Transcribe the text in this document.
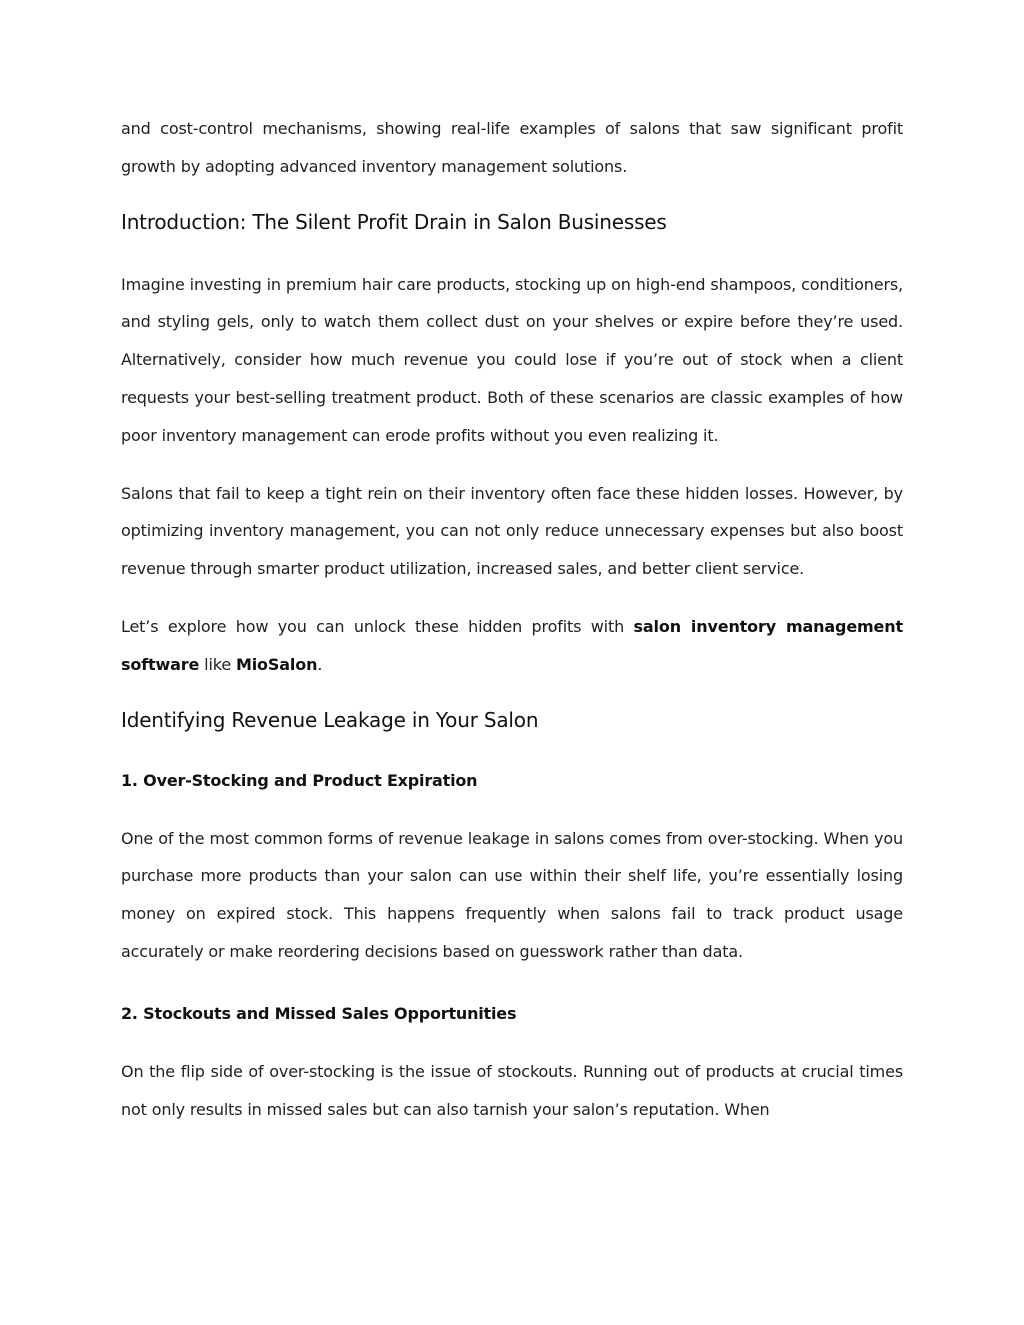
and cost-control mechanisms, showing real-life examples of salons that saw significant profit growth by adopting advanced inventory management solutions.

Introduction: The Silent Profit Drain in Salon Businesses

Imagine investing in premium hair care products, stocking up on high-end shampoos, conditioners, and styling gels, only to watch them collect dust on your shelves or expire before they’re used. Alternatively, consider how much revenue you could lose if you’re out of stock when a client requests your best-selling treatment product. Both of these scenarios are classic examples of how poor inventory management can erode profits without you even realizing it.

Salons that fail to keep a tight rein on their inventory often face these hidden losses. However, by optimizing inventory management, you can not only reduce unnecessary expenses but also boost revenue through smarter product utilization, increased sales, and better client service.

Let’s explore how you can unlock these hidden profits with salon inventory management software like MioSalon.

Identifying Revenue Leakage in Your Salon
1. Over-Stocking and Product Expiration

One of the most common forms of revenue leakage in salons comes from over-stocking. When you purchase more products than your salon can use within their shelf life, you’re essentially losing money on expired stock. This happens frequently when salons fail to track product usage accurately or make reordering decisions based on guesswork rather than data.

2. Stockouts and Missed Sales Opportunities

On the flip side of over-stocking is the issue of stockouts. Running out of products at crucial times not only results in missed sales but can also tarnish your salon’s reputation. When
